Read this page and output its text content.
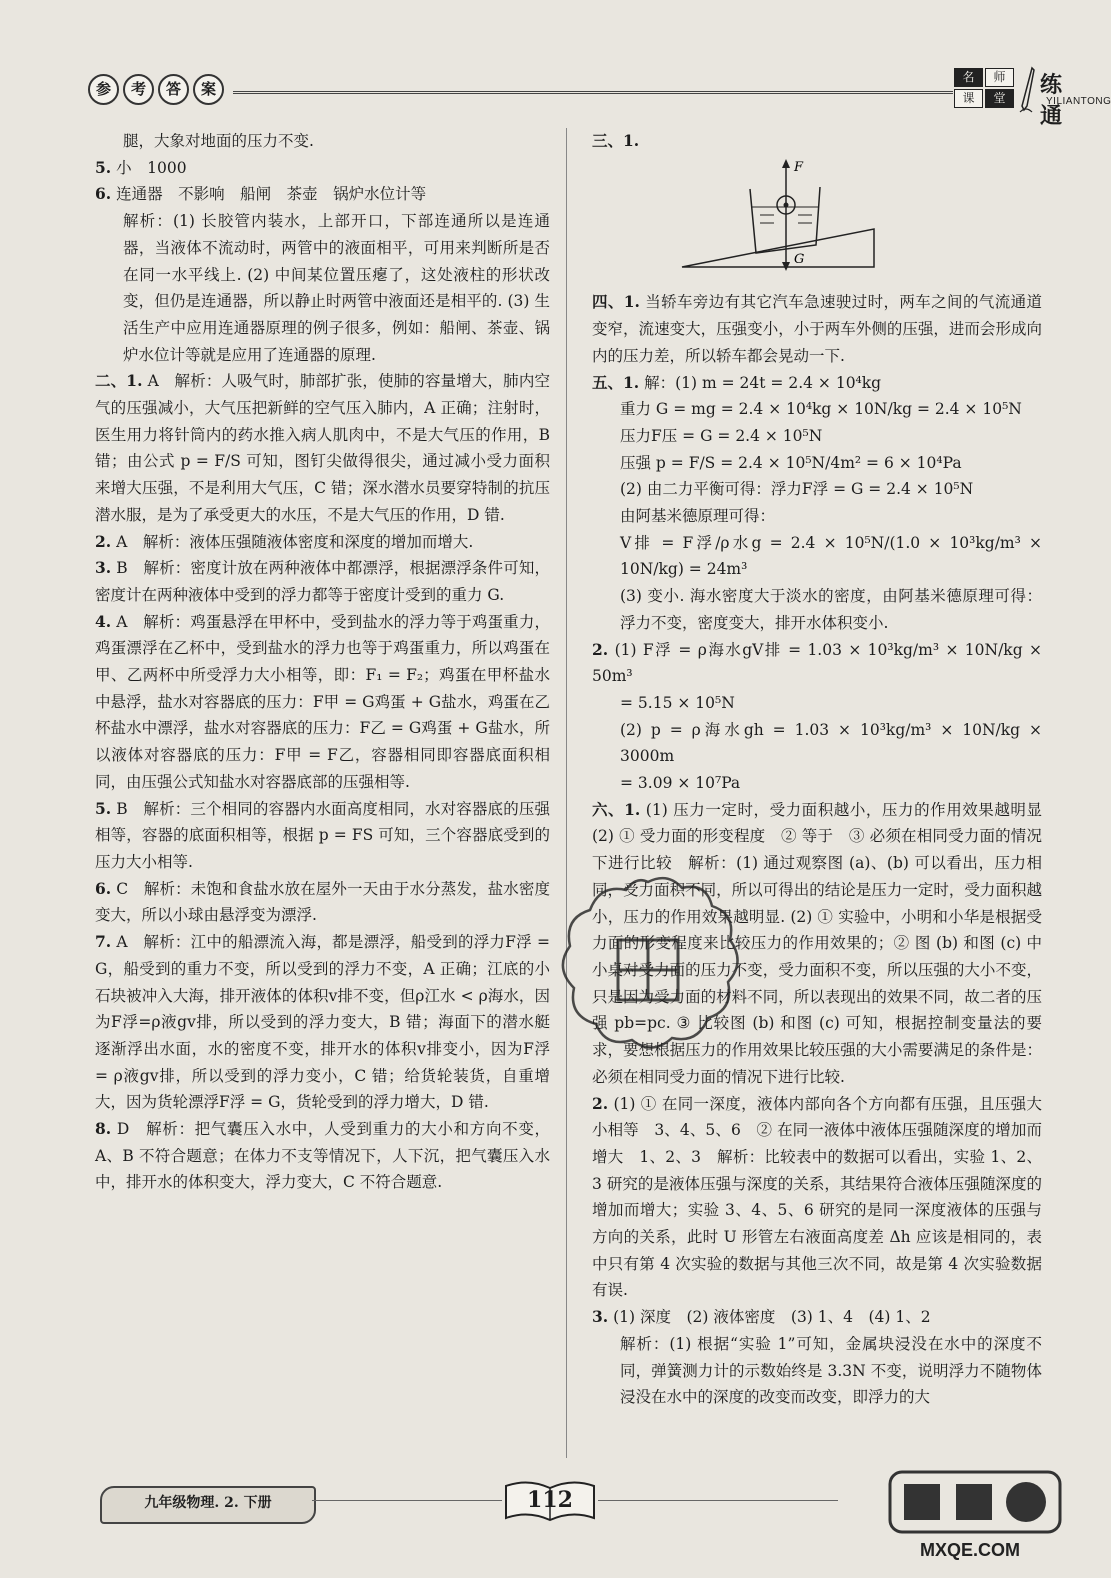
参	考	答	案
名	师
课	堂	练通
YILIANTONG

腿，大象对地面的压力不变.

5. 小　1000

6. 连通器　不影响　船闸　茶壶　锅炉水位计等

解析：(1) 长胶管内装水，上部开口，下部连通所以是连通器，当液体不流动时，两管中的液面相平，可用来判断所是否在同一水平线上. (2) 中间某位置压瘪了，这处液柱的形状改变，但仍是连通器，所以静止时两管中液面还是相平的. (3) 生活生产中应用连通器原理的例子很多，例如：船闸、茶壶、锅炉水位计等就是应用了连通器的原理.

二、1. A　解析：人吸气时，肺部扩张，使肺的容量增大，肺内空气的压强减小，大气压把新鲜的空气压入肺内，A 正确；注射时，医生用力将针筒内的药水推入病人肌肉中，不是大气压的作用，B 错；由公式 p = F/S 可知，图钉尖做得很尖，通过减小受力面积来增大压强，不是利用大气压，C 错；深水潜水员要穿特制的抗压潜水服，是为了承受更大的水压，不是大气压的作用，D 错.

2. A　解析：液体压强随液体密度和深度的增加而增大.

3. B　解析：密度计放在两种液体中都漂浮，根据漂浮条件可知，密度计在两种液体中受到的浮力都等于密度计受到的重力 G.

4. A　解析：鸡蛋悬浮在甲杯中，受到盐水的浮力等于鸡蛋重力，鸡蛋漂浮在乙杯中，受到盐水的浮力也等于鸡蛋重力，所以鸡蛋在甲、乙两杯中所受浮力大小相等，即：F₁ = F₂；鸡蛋在甲杯盐水中悬浮，盐水对容器底的压力：F甲 = G鸡蛋 + G盐水，鸡蛋在乙杯盐水中漂浮，盐水对容器底的压力：F乙 = G鸡蛋 + G盐水，所以液体对容器底的压力：F甲 = F乙，容器相同即容器底面积相同，由压强公式知盐水对容器底部的压强相等.

5. B　解析：三个相同的容器内水面高度相同，水对容器底的压强相等，容器的底面积相等，根据 p = FS 可知，三个容器底受到的压力大小相等.

6. C　解析：未饱和食盐水放在屋外一天由于水分蒸发，盐水密度变大，所以小球由悬浮变为漂浮.

7. A　解析：江中的船漂流入海，都是漂浮，船受到的浮力F浮 = G，船受到的重力不变，所以受到的浮力不变，A 正确；江底的小石块被冲入大海，排开液体的体积v排不变，但ρ江水 < ρ海水，因为F浮=ρ液gv排，所以受到的浮力变大，B 错；海面下的潜水艇逐渐浮出水面，水的密度不变，排开水的体积v排变小，因为F浮 = ρ液gv排，所以受到的浮力变小，C 错；给货轮装货，自重增大，因为货轮漂浮F浮 = G，货轮受到的浮力增大，D 错.

8. D　解析：把气囊压入水中，人受到重力的大小和方向不变，A、B 不符合题意；在体力不支等情况下，人下沉，把气囊压入水中，排开水的体积变大，浮力变大，C 不符合题意.

三、1.

F
G

四、1. 当轿车旁边有其它汽车急速驶过时，两车之间的气流通道变窄，流速变大，压强变小，小于两车外侧的压强，进而会形成向内的压力差，所以轿车都会晃动一下.

五、1. 解：(1) m = 24t = 2.4 × 10⁴kg

重力 G = mg = 2.4 × 10⁴kg × 10N/kg = 2.4 × 10⁵N

压力F压 = G = 2.4 × 10⁵N

压强 p = F/S = 2.4 × 10⁵N/4m² = 6 × 10⁴Pa

(2) 由二力平衡可得：浮力F浮 = G = 2.4 × 10⁵N

由阿基米德原理可得：

V排 = F浮/ρ水g = 2.4 × 10⁵N/(1.0 × 10³kg/m³ × 10N/kg) = 24m³

(3) 变小. 海水密度大于淡水的密度，由阿基米德原理可得：浮力不变，密度变大，排开水体积变小.

2. (1) F浮 = ρ海水gV排 = 1.03 × 10³kg/m³ × 10N/kg × 50m³

= 5.15 × 10⁵N

(2) p = ρ海水gh = 1.03 × 10³kg/m³ × 10N/kg × 3000m

= 3.09 × 10⁷Pa

六、1. (1) 压力一定时，受力面积越小，压力的作用效果越明显　(2) ① 受力面的形变程度　② 等于　③ 必须在相同受力面的情况下进行比较　解析：(1) 通过观察图 (a)、(b) 可以看出，压力相同，受力面积不同，所以可得出的结论是压力一定时，受力面积越小，压力的作用效果越明显. (2) ① 实验中，小明和小华是根据受力面的形变程度来比较压力的作用效果的；② 图 (b) 和图 (c) 中小桌对受力面的压力不变，受力面积不变，所以压强的大小不变，只是因为受力面的材料不同，所以表现出的效果不同，故二者的压强 pb=pc. ③ 比较图 (b) 和图 (c) 可知，根据控制变量法的要求，要想根据压力的作用效果比较压强的大小需要满足的条件是：必须在相同受力面的情况下进行比较.

2. (1) ① 在同一深度，液体内部向各个方向都有压强，且压强大小相等　3、4、5、6　② 在同一液体中液体压强随深度的增加而增大　1、2、3　解析：比较表中的数据可以看出，实验 1、2、3 研究的是液体压强与深度的关系，其结果符合液体压强随深度的增加而增大；实验 3、4、5、6 研究的是同一深度液体的压强与方向的关系，此时 U 形管左右液面高度差 Δh 应该是相同的，表中只有第 4 次实验的数据与其他三次不同，故是第 4 次实验数据有误.

3. (1) 深度　(2) 液体密度　(3) 1、4　(4) 1、2

解析：(1) 根据“实验 1”可知，金属块浸没在水中的深度不同，弹簧测力计的示数始终是 3.3N 不变，说明浮力不随物体浸没在水中的深度的改变而改变，即浮力的大

九年级物理. 2. 下册	112
MXQE.COM
